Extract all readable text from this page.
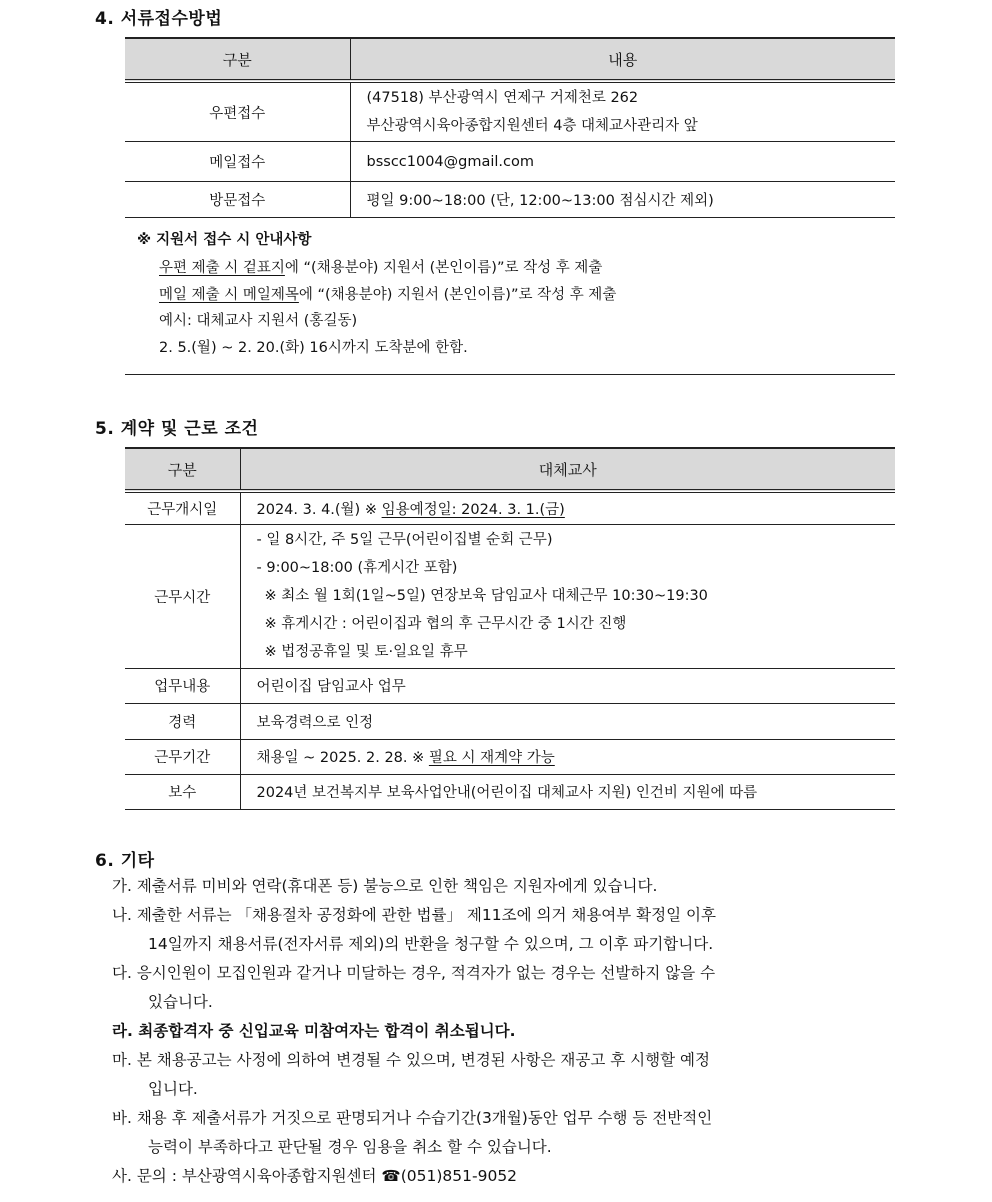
4. 서류접수방법
구분	내용
우편접수	(47518) 부산광역시 연제구 거제천로 262
부산광역시육아종합지원센터 4층 대체교사관리자 앞

메일접수	bsscc1004@gmail.com
방문접수	평일 9:00~18:00 (단, 12:00~13:00 점심시간 제외)
※ 지원서 접수 시 안내사항
우편 제출 시 겉표지에 “(채용분야) 지원서 (본인이름)”로 작성 후 제출
메일 제출 시 메일제목에 “(채용분야) 지원서 (본인이름)”로 작성 후 제출
예시: 대체교사 지원서 (홍길동)
2. 5.(월) ~ 2. 20.(화) 16시까지 도착분에 한함.
5. 계약 및 근로 조건
구분	대체교사
근무개시일	2024. 3. 4.(월) ※ 임용예정일: 2024. 3. 1.(금)
근무시간	- 일 8시간, 주 5일 근무(어린이집별 순회 근무)
- 9:00~18:00 (휴게시간 포함)
※ 최소 월 1회(1일~5일) 연장보육 담임교사 대체근무 10:30~19:30
※ 휴게시간 : 어린이집과 협의 후 근무시간 중 1시간 진행
※ 법정공휴일 및 토·일요일 휴무

업무내용	어린이집 담임교사 업무
경력	보육경력으로 인정
근무기간	채용일 ~ 2025. 2. 28. ※ 필요 시 재계약 가능
보수	2024년 보건복지부 보육사업안내(어린이집 대체교사 지원) 인건비 지원에 따름
6. 기타
가. 제출서류 미비와 연락(휴대폰 등) 불능으로 인한 책임은 지원자에게 있습니다.
나. 제출한 서류는 「채용절차 공정화에 관한 법률」 제11조에 의거 채용여부 확정일 이후
14일까지 채용서류(전자서류 제외)의 반환을 청구할 수 있으며, 그 이후 파기합니다.
다. 응시인원이 모집인원과 같거나 미달하는 경우, 적격자가 없는 경우는 선발하지 않을 수
있습니다.
라. 최종합격자 중 신입교육 미참여자는 합격이 취소됩니다.
마. 본 채용공고는 사정에 의하여 변경될 수 있으며, 변경된 사항은 재공고 후 시행할 예정
입니다.
바. 채용 후 제출서류가 거짓으로 판명되거나 수습기간(3개월)동안 업무 수행 등 전반적인
능력이 부족하다고 판단될 경우 임용을 취소 할 수 있습니다.
사. 문의 : 부산광역시육아종합지원센터 ☎(051)851-9052
